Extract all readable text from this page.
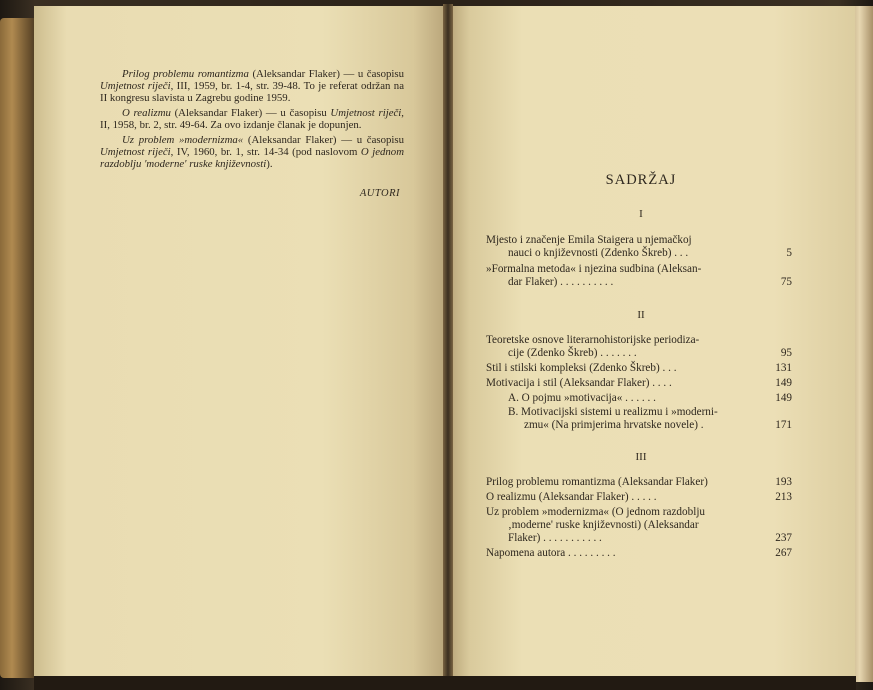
Prilog problemu romantizma (Aleksandar Flaker) — u časopisu Umjetnost riječi, III, 1959, br. 1-4, str. 39-48. To je referat održan na II kongresu slavista u Zagrebu godine 1959.

O realizmu (Aleksandar Flaker) — u časopisu Umjetnost riječi, II, 1958, br. 2, str. 49-64. Za ovo izdanje članak je dopunjen.

Uz problem »modernizma« (Aleksandar Flaker) — u časopisu Umjetnost riječi, IV, 1960, br. 1, str. 14-34 (pod naslovom O jednom razdoblju 'moderne' ruske književnosti).

AUTORI
SADRŽAJ
I
Mjesto i značenje Emila Staigera u njemačkoj
nauci o književnosti (Zdenko Škreb) . . .	5
»Formalna metoda« i njezina sudbina (Aleksan-
dar Flaker) . . . . . . . . . .	75
II
Teoretske osnove literarnohistorijske periodiza-
cije (Zdenko Škreb) . . . . . . .	95
Stil i stilski kompleksi (Zdenko Škreb) . . .	131
Motivacija i stil (Aleksandar Flaker) . . . .	149
A. O pojmu »motivacija« . . . . . .	149
B. Motivacijski sistemi u realizmu i »moderni-
zmu« (Na primjerima hrvatske novele) .	171
III
Prilog problemu romantizma (Aleksandar Flaker)	193
O realizmu (Aleksandar Flaker) . . . . .	213
Uz problem »modernizma« (O jednom razdoblju
‚moderne' ruske književnosti) (Aleksandar
Flaker) . . . . . . . . . . .	237
Napomena autora . . . . . . . . .	267
